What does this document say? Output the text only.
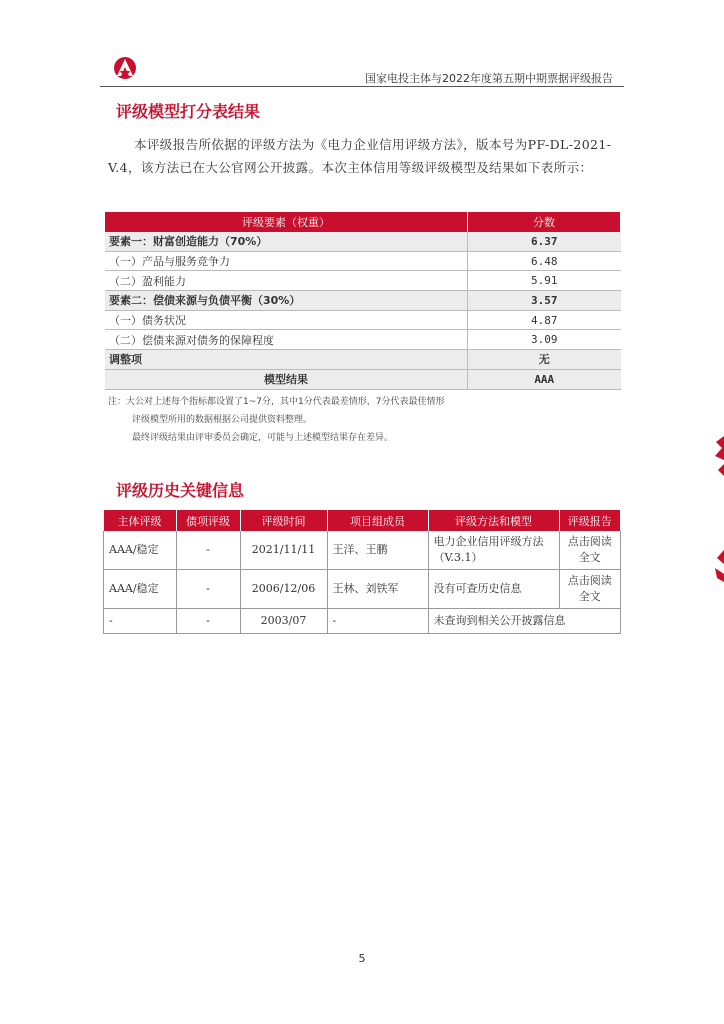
国家电投主体与2022年度第五期中期票据评级报告
评级模型打分表结果
本评级报告所依据的评级方法为《电力企业信用评级方法》，版本号为PF-DL-2021-V.4，该方法已在大公官网公开披露。本次主体信用等级评级模型及结果如下表所示：
评级要素（权重）	分数
要素一：财富创造能力（70%）	6.37
（一）产品与服务竞争力	6.48
（二）盈利能力	5.91
要素二：偿债来源与负债平衡（30%）	3.57
（一）债务状况	4.87
（二）偿债来源对债务的保障程度	3.09
调整项	无
模型结果	AAA
注：大公对上述每个指标都设置了1~7分，其中1分代表最差情形，7分代表最佳情形
评级模型所用的数据根据公司提供资料整理。
最终评级结果由评审委员会确定，可能与上述模型结果存在差异。
评级历史关键信息
主体评级	债项评级	评级时间	项目组成员	评级方法和模型	评级报告
AAA/稳定	-	2021/11/11	王洋、王鹏	电力企业信用评级方法（V.3.1）	点击阅读全文
AAA/稳定	-	2006/12/06	王林、刘铁军	没有可查历史信息	点击阅读全文
-	-	2003/07	-	未查询到相关公开披露信息	
5
